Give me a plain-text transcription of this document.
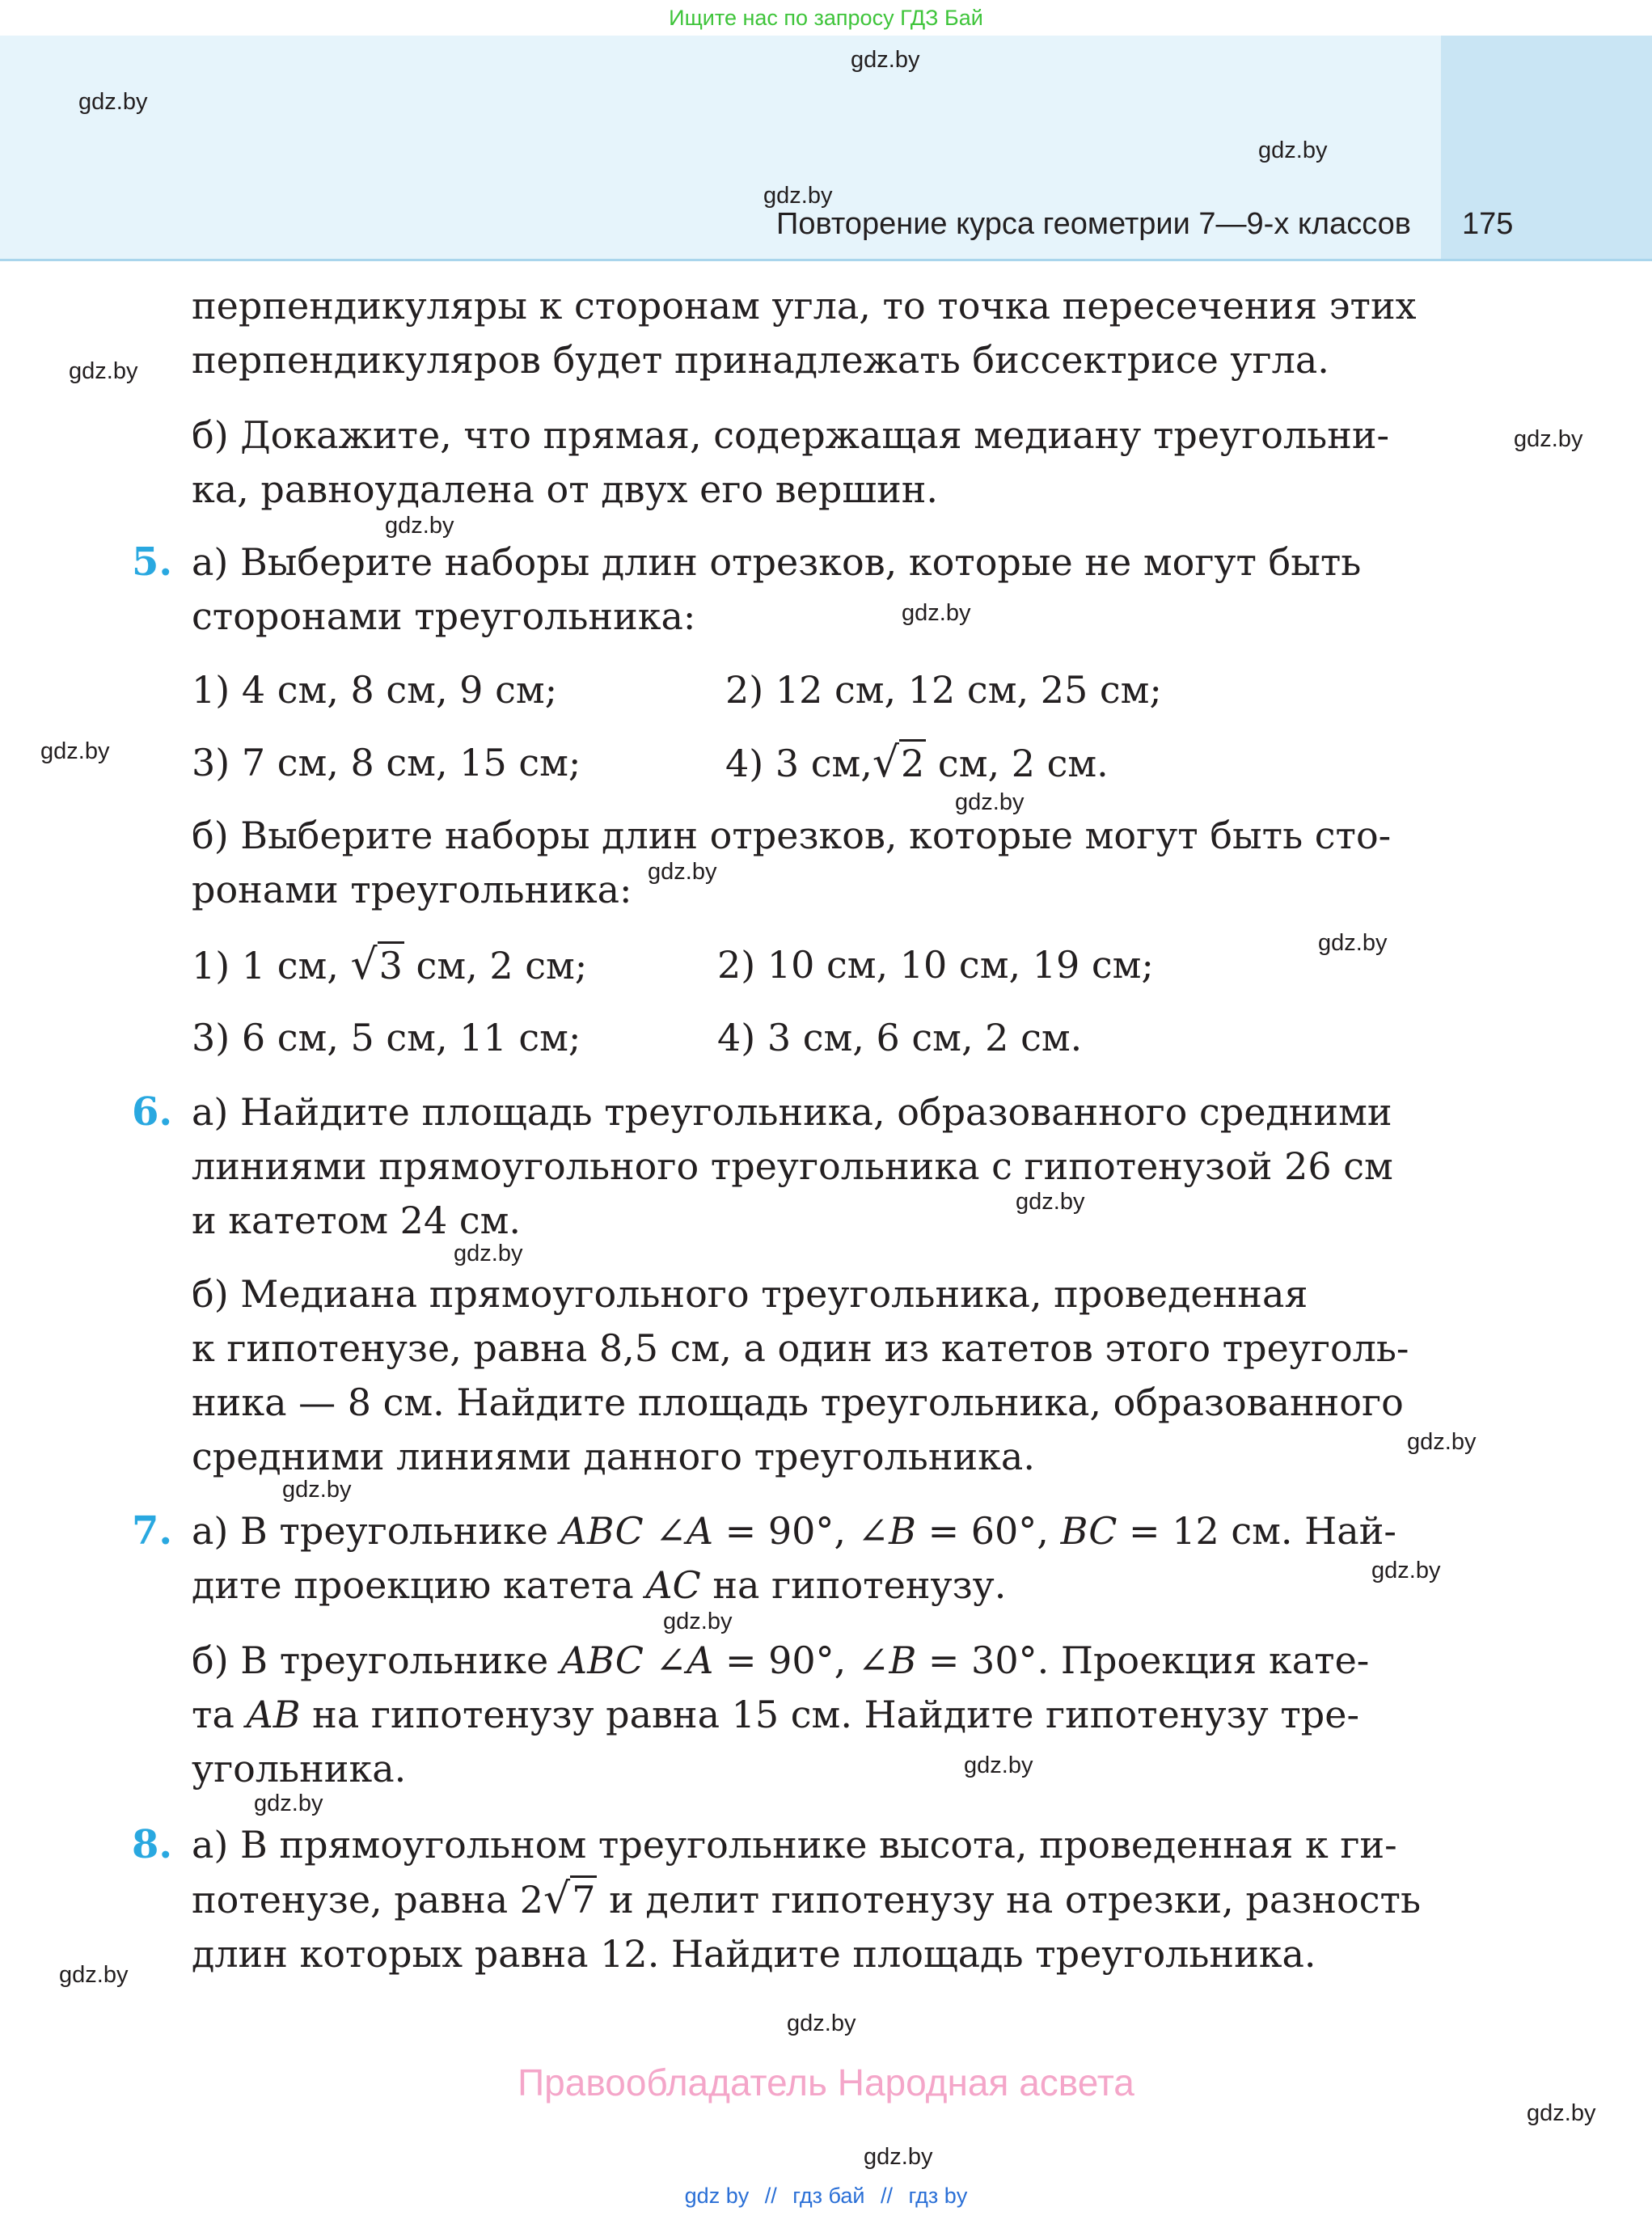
Ищите нас по запросу ГДЗ Бай
Повторение курса геометрии 7—9-х классов 175
gdz.by
gdz.by
gdz.by
gdz.by
gdz.by
gdz.by
gdz.by
gdz.by
gdz.by
gdz.by
gdz.by
gdz.by
gdz.by
gdz.by
gdz.by
gdz.by
gdz.by
gdz.by
gdz.by
gdz.by
gdz.by
gdz.by
gdz.by
gdz.by
перпендикуляры к сторонам угла, то точка пересечения этих
перпендикуляров будет принадлежать биссектрисе угла.
б) Докажите, что прямая, содержащая медиану треугольни-
ка, равноудалена от двух его вершин.
5. а) Выберите наборы длин отрезков, которые не могут быть
сторонами треугольника:
1) 4 см, 8 см, 9 см;	2) 12 см, 12 см, 25 см;
3) 7 см, 8 см, 15 см;	4) 3 см,√2 см, 2 см.
б) Выберите наборы длин отрезков, которые могут быть сто-
ронами треугольника:
1) 1 см, √3 см, 2 см;	2) 10 см, 10 см, 19 см;
3) 6 см, 5 см, 11 см;	4) 3 см, 6 см, 2 см.
6. а) Найдите площадь треугольника, образованного средними
линиями прямоугольного треугольника с гипотенузой 26 см
и катетом 24 см.
б) Медиана прямоугольного треугольника, проведенная
к гипотенузе, равна 8,5 см, а один из катетов этого треуголь-
ника — 8 см. Найдите площадь треугольника, образованного
средними линиями данного треугольника.
7. а) В треугольнике ABC ∠A = 90°, ∠B = 60°, BC = 12 см. Най-
дите проекцию катета AC на гипотенузу.
б) В треугольнике ABC ∠A = 90°, ∠B = 30°. Проекция кате-
та AB на гипотенузу равна 15 см. Найдите гипотенузу тре-
угольника.
8. а) В прямоугольном треугольнике высота, проведенная к ги-
потенузе, равна 2√7 и делит гипотенузу на отрезки, разность
длин которых равна 12. Найдите площадь треугольника.
Правообладатель Народная асвета
gdz by // гдз бай // гдз by
